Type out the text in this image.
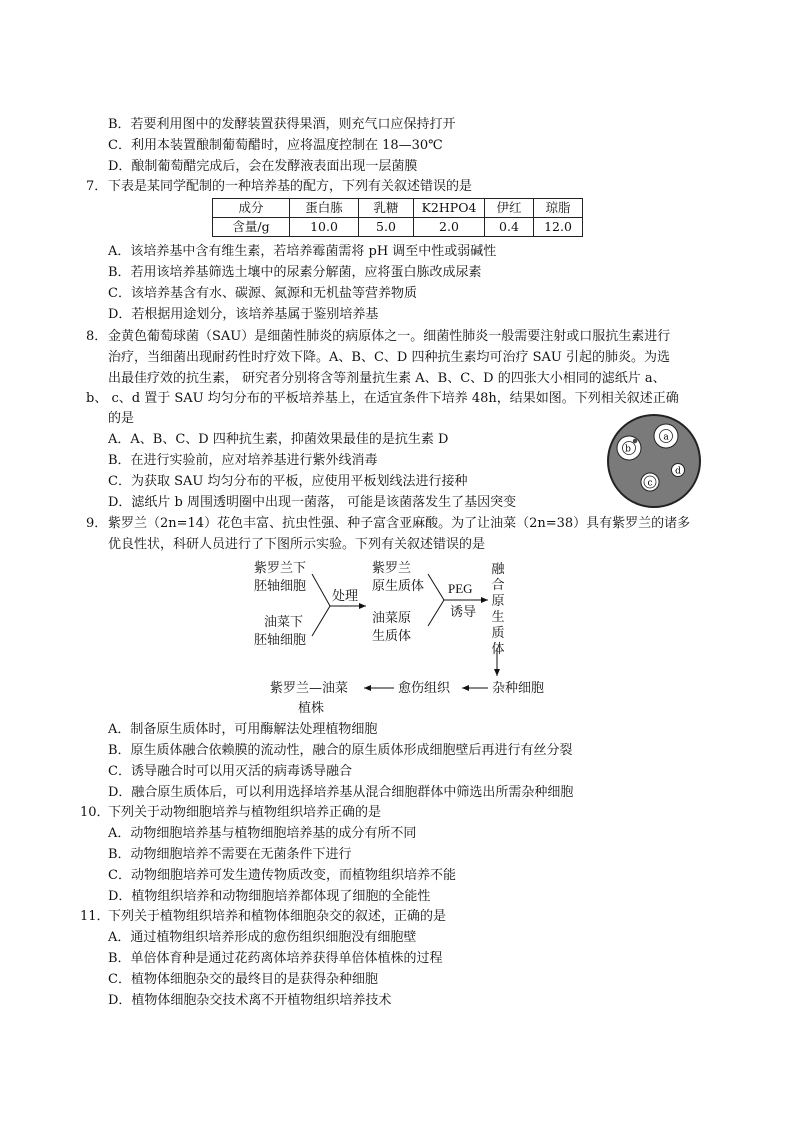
B．若要利用图中的发酵装置获得果酒，则充气口应保持打开
C．利用本装置酿制葡萄醋时，应将温度控制在 18—30℃
D．酿制葡萄醋完成后，会在发酵液表面出现一层菌膜
7． 下表是某同学配制的一种培养基的配方，下列有关叙述错误的是
成分	蛋白胨	乳糖	K2HPO4	伊红	琼脂
含量/g	10.0	5.0	2.0	0.4	12.0
A．该培养基中含有维生素，若培养霉菌需将 pH 调至中性或弱碱性
B．若用该培养基筛选土壤中的尿素分解菌，应将蛋白胨改成尿素
C．该培养基含有水、碳源、氮源和无机盐等营养物质
D．若根据用途划分，该培养基属于鉴别培养基
8． 金黄色葡萄球菌（SAU）是细菌性肺炎的病原体之一。细菌性肺炎一般需要注射或口服抗生素进行
治疗，当细菌出现耐药性时疗效下降。A、B、C、D 四种抗生素均可治疗 SAU 引起的肺炎。为选
出最佳疗效的抗生素， 研究者分别将含等剂量抗生素 A、B、C、D 的四张大小相同的滤纸片 a、
b、 c、d 置于 SAU 均匀分布的平板培养基上，在适宜条件下培养 48h，结果如图。下列相关叙述正确
的是
A．A、B、C、D 四种抗生素，抑菌效果最佳的是抗生素 D
B．在进行实验前，应对培养基进行紫外线消毒
C．为获取 SAU 均匀分布的平板，应使用平板划线法进行接种
D．滤纸片 b 周围透明圈中出现一菌落， 可能是该菌落发生了基因突变
a
b
c
d
9． 紫罗兰（2n=14）花色丰富、抗虫性强、种子富含亚麻酸。为了让油菜（2n=38）具有紫罗兰的诸多
优良性状，科研人员进行了下图所示实验。下列有关叙述错误的是
紫罗兰下
胚轴细胞
油菜下
胚轴细胞
处理
紫罗兰
原生质体
油菜原
生质体
PEG
诱导
融合原生质体
杂种细胞
愈伤组织
紫罗兰—油菜
植株
A．制备原生质体时，可用酶解法处理植物细胞
B．原生质体融合依赖膜的流动性，融合的原生质体形成细胞壁后再进行有丝分裂
C．诱导融合时可以用灭活的病毒诱导融合
D．融合原生质体后，可以利用选择培养基从混合细胞群体中筛选出所需杂种细胞
10．
下列关于动物细胞培养与植物组织培养正确的是
A．动物细胞培养基与植物细胞培养基的成分有所不同
B．动物细胞培养不需要在无菌条件下进行
C．动物细胞培养可发生遗传物质改变，而植物组织培养不能
D．植物组织培养和动物细胞培养都体现了细胞的全能性
11．
下列关于植物组织培养和植物体细胞杂交的叙述，正确的是
A．通过植物组织培养形成的愈伤组织细胞没有细胞壁
B．单倍体育种是通过花药离体培养获得单倍体植株的过程
C．植物体细胞杂交的最终目的是获得杂种细胞
D．植物体细胞杂交技术离不开植物组织培养技术
